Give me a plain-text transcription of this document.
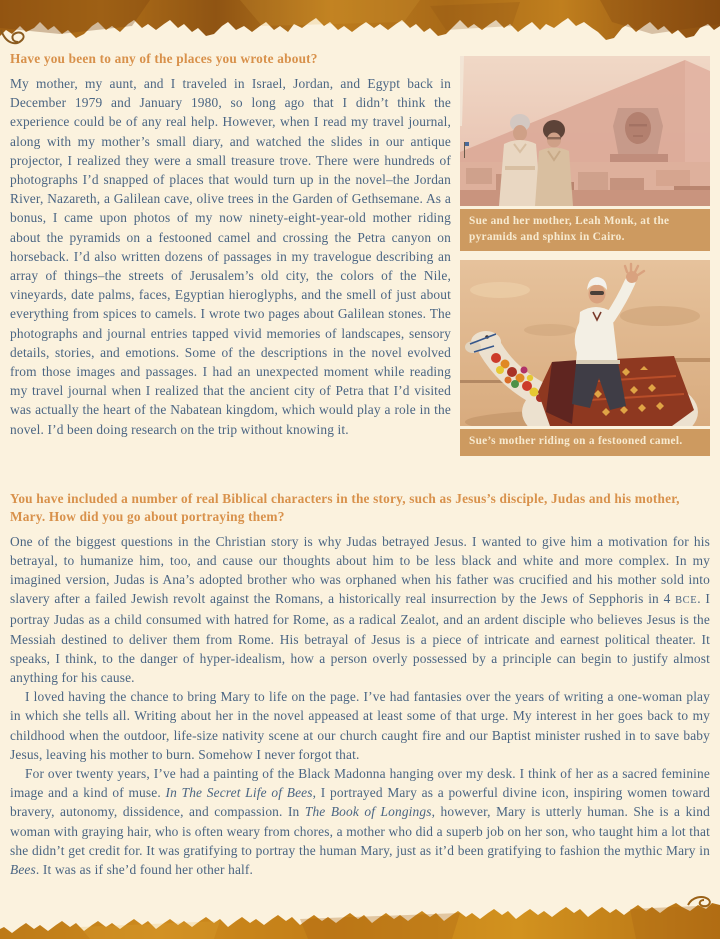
Have you been to any of the places you wrote about?

My mother, my aunt, and I traveled in Israel, Jordan, and Egypt back in December 1979 and January 1980, so long ago that I didn’t think the experience could be of any real help. However, when I read my travel journal, along with my mother’s small diary, and watched the slides in our antique projector, I realized they were a small treasure trove. There were hundreds of photographs I’d snapped of places that would turn up in the novel–the Jordan River, Nazareth, a Galilean cave, olive trees in the Garden of Gethsemane. As a bonus, I came upon photos of my now ninety-eight-year-old mother riding about the pyramids on a festooned camel and crossing the Petra canyon on horseback. I’d also written dozens of passages in my travelogue describing an array of things–the streets of Jerusalem’s old city, the colors of the Nile, vineyards, date palms, faces, Egyptian hieroglyphs, and the smell of just about everything from spices to camels. I wrote two pages about Galilean stones. The photographs and journal entries tapped vivid memories of landscapes, sensory details, stories, and emotions. Some of the descriptions in the novel evolved from those images and passages. I had an unexpected moment while reading my travel journal when I realized that the ancient city of Petra that I’d visited was actually the heart of the Nabatean kingdom, which would play a role in the novel. I’d been doing research on the trip without knowing it.

Sue and her mother, Leah Monk, at the pyramids and sphinx in Cairo.
Sue’s mother riding on a festooned camel.
You have included a number of real Biblical characters in the story, such as Jesus’s disciple, Judas and his mother, Mary. How did you go about portraying them?

One of the biggest questions in the Christian story is why Judas betrayed Jesus. I wanted to give him a motivation for his betrayal, to humanize him, too, and cause our thoughts about him to be less black and white and more complex. In my imagined version, Judas is Ana’s adopted brother who was orphaned when his father was crucified and his mother sold into slavery after a failed Jewish revolt against the Romans, a historically real insurrection by the Jews of Sepphoris in 4 BCE. I portray Judas as a child consumed with hatred for Rome, as a radical Zealot, and an ardent disciple who believes Jesus is the Messiah destined to deliver them from Rome. His betrayal of Jesus is a piece of intricate and earnest political theater. It speaks, I think, to the danger of hyper-idealism, how a person overly possessed by a principle can begin to justify almost anything for his cause.

I loved having the chance to bring Mary to life on the page. I’ve had fantasies over the years of writing a one-woman play in which she tells all. Writing about her in the novel appeased at least some of that urge. My interest in her goes back to my childhood when the outdoor, life-size nativity scene at our church caught fire and our Baptist minister rushed in to save baby Jesus, leaving his mother to burn. Somehow I never forgot that.

For over twenty years, I’ve had a painting of the Black Madonna hanging over my desk. I think of her as a sacred feminine image and a kind of muse. In The Secret Life of Bees, I portrayed Mary as a powerful divine icon, inspiring women toward bravery, autonomy, dissidence, and compassion. In The Book of Longings, however, Mary is utterly human. She is a kind woman with graying hair, who is often weary from chores, a mother who did a superb job on her son, who taught him a lot that she didn’t get credit for. It was gratifying to portray the human Mary, just as it’d been gratifying to fashion the mythic Mary in Bees. It was as if she’d found her other half.
